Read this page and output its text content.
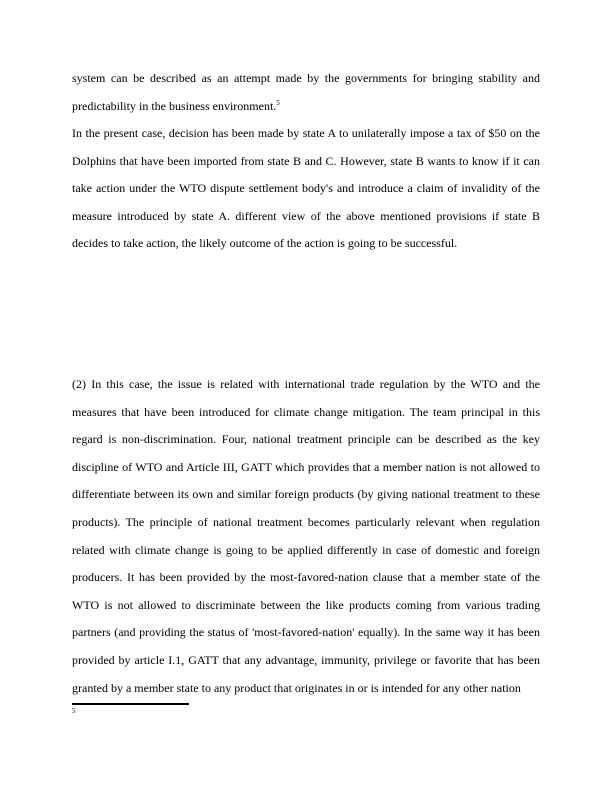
system can be described as an attempt made by the governments for bringing stability and predictability in the business environment.$^5$

In the present case, decision has been made by state A to unilaterally impose a tax of $50 on the Dolphins that have been imported from state B and C. However, state B wants to know if it can take action under the WTO dispute settlement body's and introduce a claim of invalidity of the measure introduced by state A. different view of the above mentioned provisions if state B decides to take action, the likely outcome of the action is going to be successful.

(2) In this case, the issue is related with international trade regulation by the WTO and the measures that have been introduced for climate change mitigation. The team principal in this regard is non-discrimination. Four, national treatment principle can be described as the key discipline of WTO and Article III, GATT which provides that a member nation is not allowed to differentiate between its own and similar foreign products (by giving national treatment to these products). The principle of national treatment becomes particularly relevant when regulation related with climate change is going to be applied differently in case of domestic and foreign producers. It has been provided by the most-favored-nation clause that a member state of the WTO is not allowed to discriminate between the like products coming from various trading partners (and providing the status of 'most-favored-nation' equally). In the same way it has been provided by article I.1, GATT that any advantage, immunity, privilege or favorite that has been granted by a member state to any product that originates in or is intended for any other nation

5
